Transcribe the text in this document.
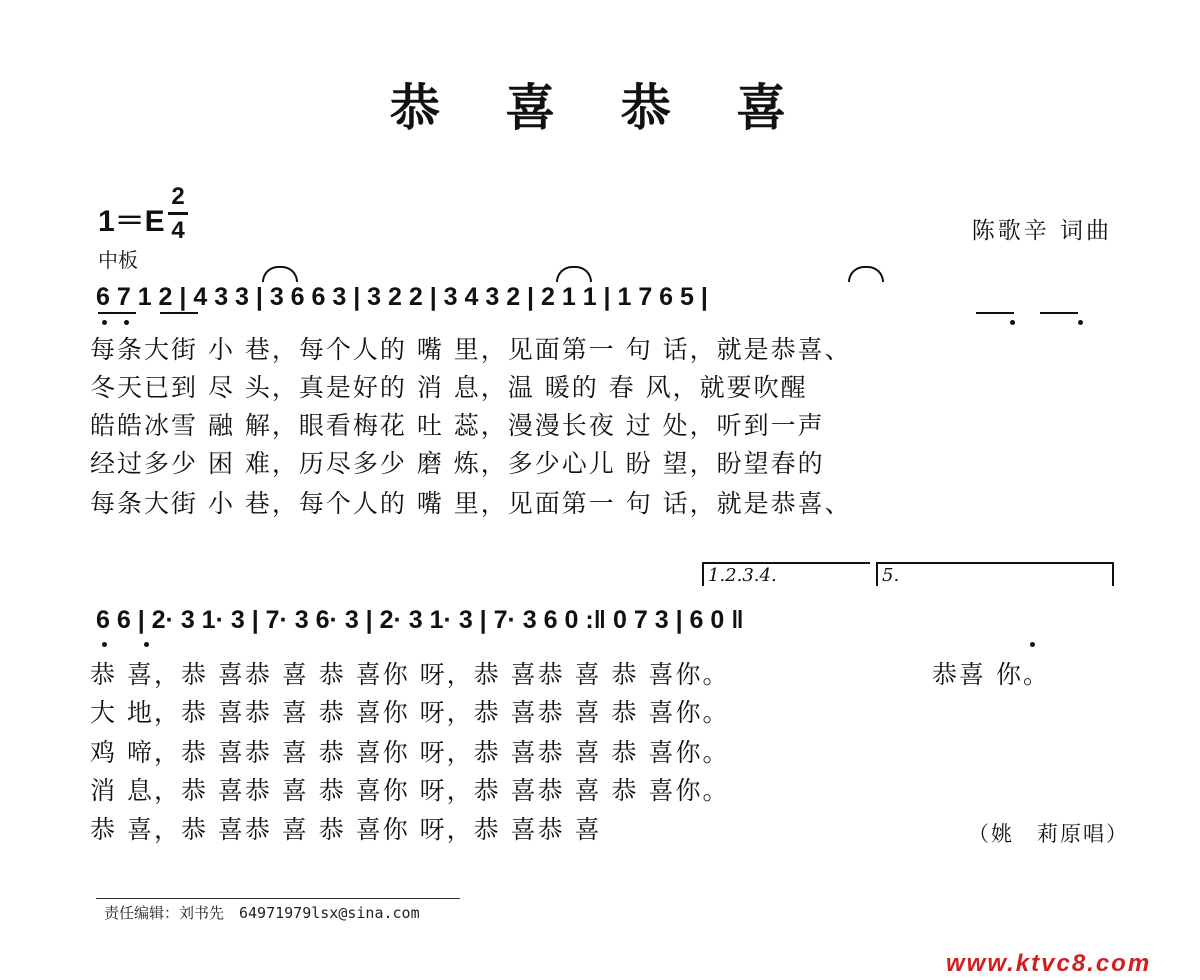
恭 喜 恭 喜
1＝E
2
4	陈歌辛 词曲
中板
6 7 1 2 | 4 3 3 | 3 6 6 3 | 3 2 2 | 3 4 3 2 | 2 1 1 | 1 7 6 5 |
每条大街 小 巷，每个人的 嘴 里，见面第一 句 话，就是恭喜、
冬天已到 尽 头，真是好的 消 息，温 暖的 春 风，就要吹醒
皓皓冰雪 融 解，眼看梅花 吐 蕊，漫漫长夜 过 处，听到一声
经过多少 困 难，历尽多少 磨 炼，多少心儿 盼 望，盼望春的
每条大街 小 巷，每个人的 嘴 里，见面第一 句 话，就是恭喜、
1.2.3.4.	5.
6 6 | 2· 3 1· 3 | 7· 3 6· 3 | 2· 3 1· 3 | 7· 3 6 0 :‖ 0 7 3 | 6 0 ‖
恭 喜，恭 喜恭 喜 恭 喜你 呀，恭 喜恭 喜 恭 喜你。
大 地，恭 喜恭 喜 恭 喜你 呀，恭 喜恭 喜 恭 喜你。
鸡 啼，恭 喜恭 喜 恭 喜你 呀，恭 喜恭 喜 恭 喜你。
消 息，恭 喜恭 喜 恭 喜你 呀，恭 喜恭 喜 恭 喜你。
恭 喜，恭 喜恭 喜 恭 喜你 呀，恭 喜恭 喜
恭喜 你。
（姚　莉原唱）
责任编辑：刘书先　64971979lsx@sina.com
www.ktvc8.com
